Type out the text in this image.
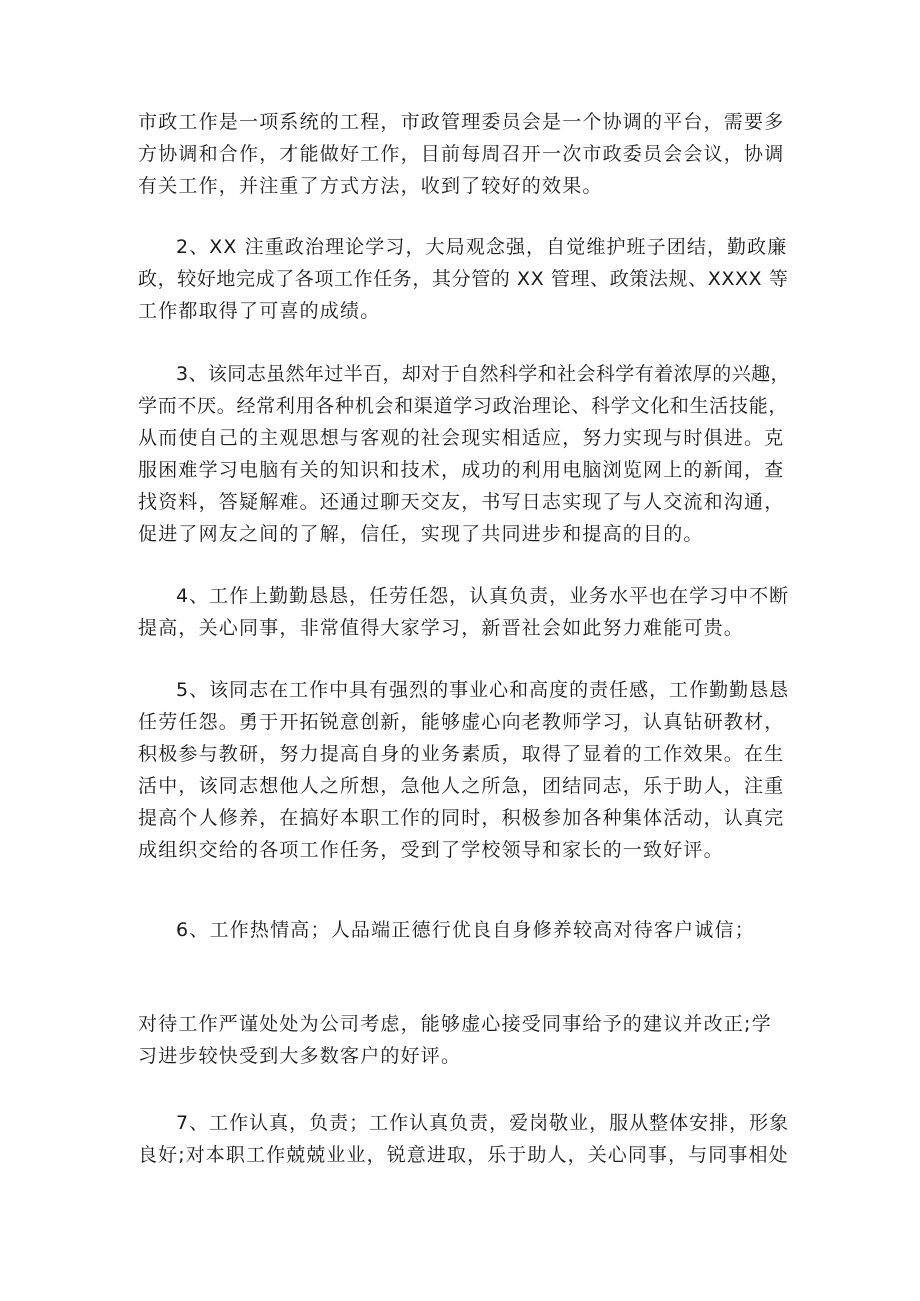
市政工作是一项系统的工程，市政管理委员会是一个协调的平台，需要多
方协调和合作，才能做好工作，目前每周召开一次市政委员会会议，协调
有关工作，并注重了方式方法，收到了较好的效果。
2、XX 注重政治理论学习，大局观念强，自觉维护班子团结，勤政廉
政，较好地完成了各项工作任务，其分管的 XX 管理、政策法规、XXXX 等
工作都取得了可喜的成绩。
3、该同志虽然年过半百，却对于自然科学和社会科学有着浓厚的兴趣，
学而不厌。经常利用各种机会和渠道学习政治理论、科学文化和生活技能，
从而使自己的主观思想与客观的社会现实相适应，努力实现与时俱进。克
服困难学习电脑有关的知识和技术，成功的利用电脑浏览网上的新闻，查
找资料，答疑解难。还通过聊天交友，书写日志实现了与人交流和沟通，
促进了网友之间的了解，信任，实现了共同进步和提高的目的。
4、工作上勤勤恳恳，任劳任怨，认真负责，业务水平也在学习中不断
提高，关心同事，非常值得大家学习，新晋社会如此努力难能可贵。
5、该同志在工作中具有强烈的事业心和高度的责任感，工作勤勤恳恳
任劳任怨。勇于开拓锐意创新，能够虚心向老教师学习，认真钻研教材，
积极参与教研，努力提高自身的业务素质，取得了显着的工作效果。在生
活中，该同志想他人之所想，急他人之所急，团结同志，乐于助人，注重
提高个人修养，在搞好本职工作的同时，积极参加各种集体活动，认真完
成组织交给的各项工作任务，受到了学校领导和家长的一致好评。
6、工作热情高；人品端正德行优良自身修养较高对待客户诚信；
对待工作严谨处处为公司考虑，能够虚心接受同事给予的建议并改正;学
习进步较快受到大多数客户的好评。
7、工作认真，负责；工作认真负责，爱岗敬业，服从整体安排，形象
良好;对本职工作兢兢业业，锐意进取，乐于助人，关心同事，与同事相处
